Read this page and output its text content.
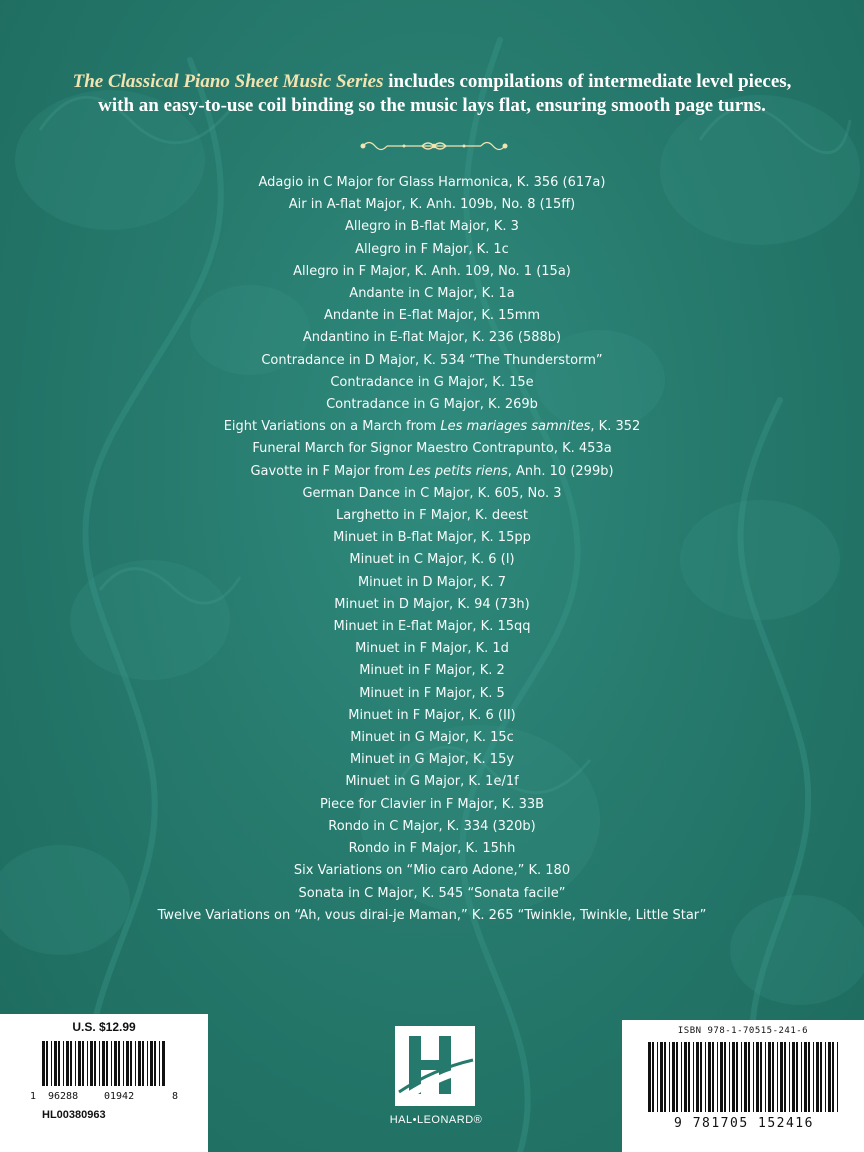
The Classical Piano Sheet Music Series includes compilations of intermediate level pieces,
with an easy-to-use coil binding so the music lays flat, ensuring smooth page turns.
Adagio in C Major for Glass Harmonica, K. 356 (617a)
Air in A-flat Major, K. Anh. 109b, No. 8 (15ff)
Allegro in B-flat Major, K. 3
Allegro in F Major, K. 1c
Allegro in F Major, K. Anh. 109, No. 1 (15a)
Andante in C Major, K. 1a
Andante in E-flat Major, K. 15mm
Andantino in E-flat Major, K. 236 (588b)
Contradance in D Major, K. 534 “The Thunderstorm”
Contradance in G Major, K. 15e
Contradance in G Major, K. 269b
Eight Variations on a March from Les mariages samnites, K. 352
Funeral March for Signor Maestro Contrapunto, K. 453a
Gavotte in F Major from Les petits riens, Anh. 10 (299b)
German Dance in C Major, K. 605, No. 3
Larghetto in F Major, K. deest
Minuet in B-flat Major, K. 15pp
Minuet in C Major, K. 6 (I)
Minuet in D Major, K. 7
Minuet in D Major, K. 94 (73h)
Minuet in E-flat Major, K. 15qq
Minuet in F Major, K. 1d
Minuet in F Major, K. 2
Minuet in F Major, K. 5
Minuet in F Major, K. 6 (II)
Minuet in G Major, K. 15c
Minuet in G Major, K. 15y
Minuet in G Major, K. 1e/1f
Piece for Clavier in F Major, K. 33B
Rondo in C Major, K. 334 (320b)
Rondo in F Major, K. 15hh
Six Variations on “Mio caro Adone,” K. 180
Sonata in C Major, K. 545 “Sonata facile”
Twelve Variations on “Ah, vous dirai-je Maman,” K. 265 “Twinkle, Twinkle, Little Star”
U.S. $12.99
1 96288	01942	8
HL00380963	HAL•LEONARD®
ISBN 978-1-70515-241-6
9 781705 152416
